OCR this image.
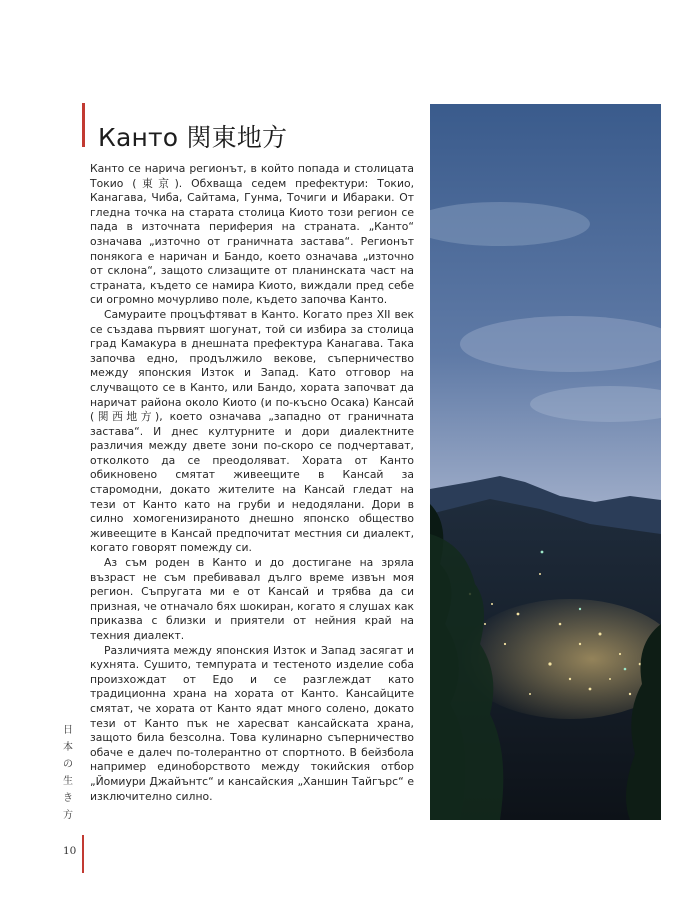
Канто 関東地方

Канто се нарича регионът, в който попада и столицата Токио (東京). Обхваща седем префектури: Токио, Канагава, Чиба, Сайтама, Гунма, Точиги и Ибараки. От гледна точка на старата столица Киото този регион се пада в източната периферия на страната. „Канто“ означава „източно от граничната застава“. Регионът понякога е наричан и Бандо, което означава „източно от склона“, защото слизащите от планинската част на страната, където се намира Киото, виждали пред себе си огромно мочурливо поле, където започва Канто.

Самураите процъфтяват в Канто. Когато през XII век се създава първият шогунат, той си избира за столица град Камакура в днешната префектура Канагава. Така започва едно, продължило векове, съперничество между японския Изток и Запад. Като отговор на случващото се в Канто, или Бандо, хората започват да наричат района около Киото (и по-късно Осака) Кансай (関西地方), което означава „западно от граничната застава“. И днес културните и дори диалектните различия между двете зони по-скоро се подчертават, отколкото да се преодоляват. Хората от Канто обикновено смятат живеещите в Кансай за старомодни, докато жителите на Кансай гледат на тези от Канто като на груби и недодялани. Дори в силно хомогенизираното днешно японско общество живеещите в Кансай предпочитат местния си диалект, когато говорят помежду си.

Аз съм роден в Канто и до достигане на зряла възраст не съм пребивавал дълго време извън моя регион. Съпругата ми е от Кансай и трябва да си призная, че отначало бях шокиран, когато я слушах как приказва с близки и приятели от нейния край на техния диалект.

Различията между японския Изток и Запад засягат и кухнята. Сушито, темпурата и тестеното изделие соба произхождат от Едо и се разглеждат като традиционна храна на хората от Канто. Кансайците смятат, че хората от Канто ядат много солено, докато тези от Канто пък не харесват кансайската храна, защото била безсолна. Това кулинарно съперничество обаче е далеч по-толерантно от спортното. В бейзбола например единоборството между токийския отбор „Йомиури Джайънтс“ и кансайския „Ханшин Тайгърс“ е изключително силно.

日本の生き方
10
